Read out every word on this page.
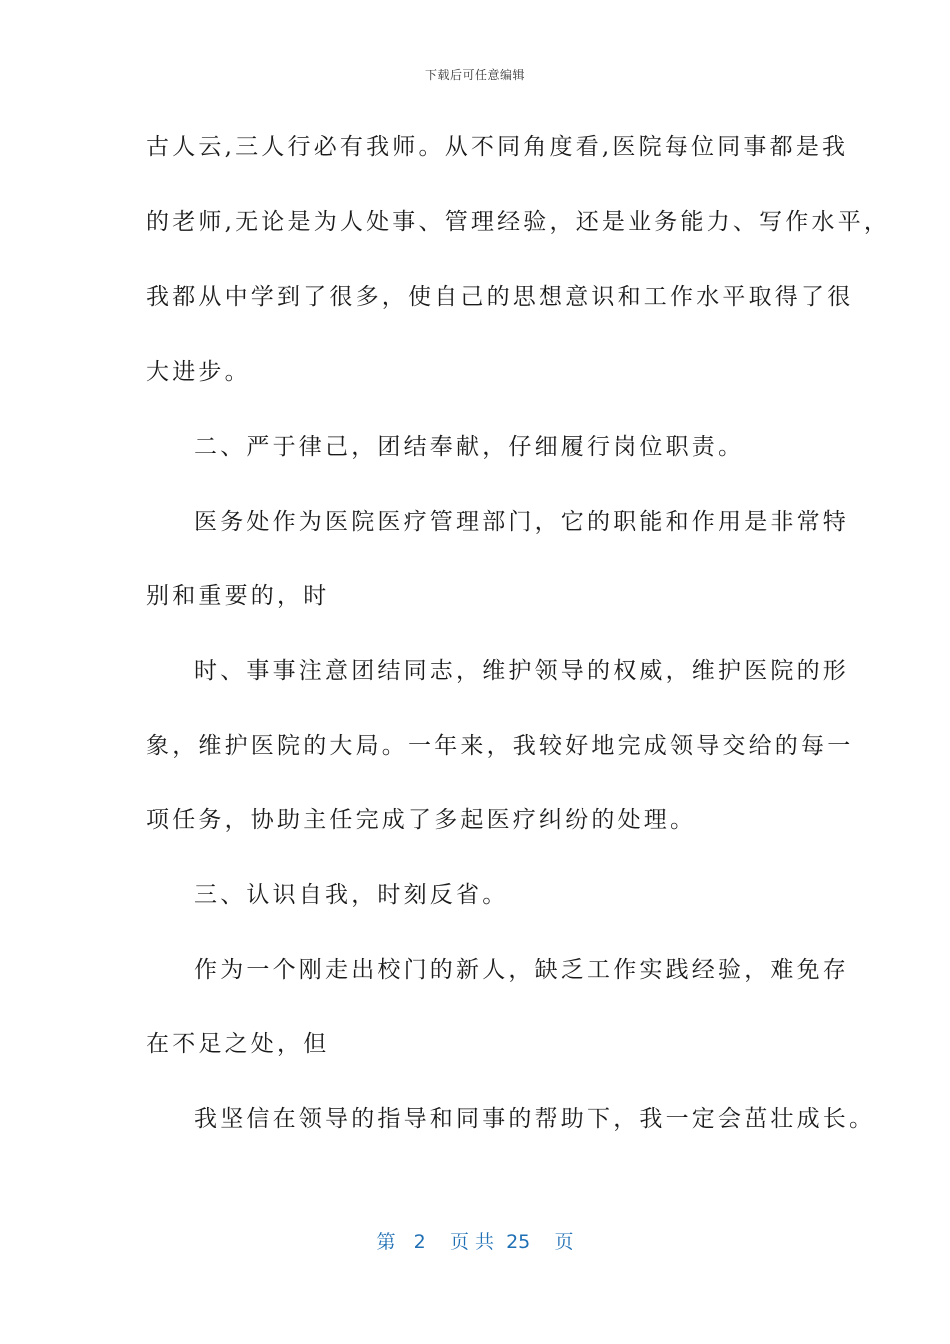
下载后可任意编辑
古人云,三人行必有我师。从不同角度看,医院每位同事都是我
的老师,无论是为人处事、管理经验，还是业务能力、写作水平，
我都从中学到了很多，使自己的思想意识和工作水平取得了很
大进步。
二、严于律己，团结奉献，仔细履行岗位职责。
医务处作为医院医疗管理部门，它的职能和作用是非常特
别和重要的，时
时、事事注意团结同志，维护领导的权威，维护医院的形
象，维护医院的大局。一年来，我较好地完成领导交给的每一
项任务，协助主任完成了多起医疗纠纷的处理。
三、认识自我，时刻反省。
作为一个刚走出校门的新人，缺乏工作实践经验，难免存
在不足之处，但
我坚信在领导的指导和同事的帮助下，我一定会茁壮成长。
第 2 页 共 25 页
